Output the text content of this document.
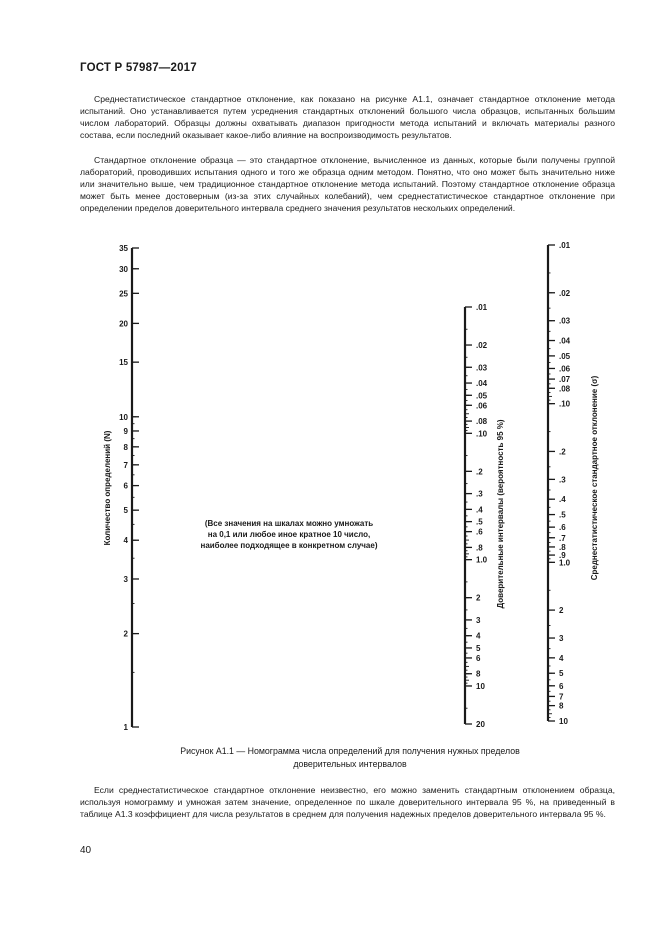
ГОСТ Р 57987—2017

Среднестатистическое стандартное отклонение, как показано на рисунке А1.1, означает стандартное отклонение метода испытаний. Оно устанавливается путем усреднения стандартных отклонений большого числа образцов, испытанных большим числом лабораторий. Образцы должны охватывать диапазон пригодности метода испытаний и включать материалы разного состава, если последний оказывает какое-либо влияние на воспроизводимость результатов.

Стандартное отклонение образца — это стандартное отклонение, вычисленное из данных, которые были получены группой лабораторий, проводивших испытания одного и того же образца одним методом. Понятно, что оно может быть значительно ниже или значительно выше, чем традиционное стандартное отклонение метода испытаний. Поэтому стандартное отклонение образца может быть менее достоверным (из-за этих случайных колебаний), чем среднестатистическое стандартное отклонение при определении пределов доверительного интервала среднего значения результатов нескольких определений.

35
30
25
20
15
10
9
8
7
6
5
4
3
2
1
.01
.02
.03
.04
.05
.06
.08
.10
.2
.3
.4
.5
.6
.8
1.0
2
3
4
5
6
8
10
20
.01
.02
.03
.04
.05
.06
.07
.08
.10
.2
.3
.4
.5
.6
.7
.8
.9
1.0
2
3
4
5
6
7
8
10
Количество определений (N)	Доверительные интервалы (вероятность 95 %)	Среднестатистическое стандартное отклонение (σ)
(Все значения на шкалах можно умножать
на 0,1 или любое иное кратное 10 число,
наиболее подходящее в конкретном случае)
Рисунок А1.1 — Номограмма числа определений для получения нужных пределов
доверительных интервалов

Если среднестатистическое стандартное отклонение неизвестно, его можно заменить стандартным отклонением образца, используя номограмму и умножая затем значение, определенное по шкале доверительного интервала 95 %, на приведенный в таблице А1.3 коэффициент для числа результатов в среднем для получения надежных пределов доверительного интервала 95 %.

40
